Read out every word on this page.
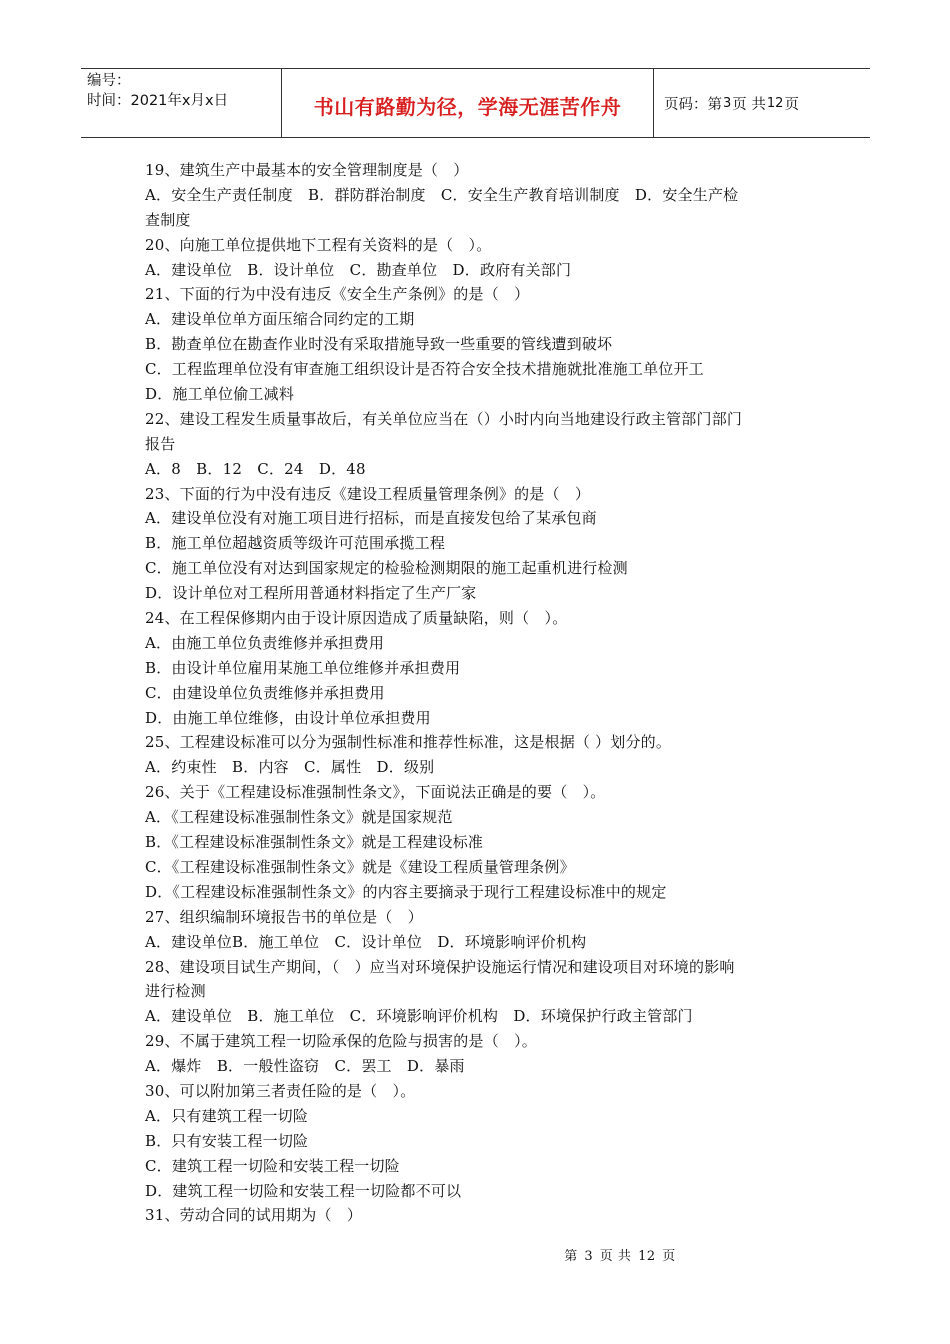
编号：
时间：2021年x月x日	书山有路勤为径，学海无涯苦作舟	页码：第 3 页 共 12 页
19、建筑生产中最基本的安全管理制度是（　）
A．安全生产责任制度　B．群防群治制度　C．安全生产教育培训制度　D．安全生产检
查制度
20、向施工单位提供地下工程有关资料的是（　）。
A．建设单位　B．设计单位　C．勘查单位　D．政府有关部门
21、下面的行为中没有违反《安全生产条例》的是（　）
A．建设单位单方面压缩合同约定的工期
B．勘查单位在勘查作业时没有采取措施导致一些重要的管线遭到破坏
C．工程监理单位没有审查施工组织设计是否符合安全技术措施就批准施工单位开工
D．施工单位偷工减料
22、建设工程发生质量事故后，有关单位应当在（）小时内向当地建设行政主管部门部门
报告
A．8　B．12　C．24　D．48
23、下面的行为中没有违反《建设工程质量管理条例》的是（　）
A．建设单位没有对施工项目进行招标，而是直接发包给了某承包商
B．施工单位超越资质等级许可范围承揽工程
C．施工单位没有对达到国家规定的检验检测期限的施工起重机进行检测
D．设计单位对工程所用普通材料指定了生产厂家
24、在工程保修期内由于设计原因造成了质量缺陷，则（　）。
A．由施工单位负责维修并承担费用
B．由设计单位雇用某施工单位维修并承担费用
C．由建设单位负责维修并承担费用
D．由施工单位维修，由设计单位承担费用
25、工程建设标准可以分为强制性标准和推荐性标准，这是根据（ ）划分的。
A．约束性　B．内容　C．属性　D．级别
26、关于《工程建设标准强制性条文》，下面说法正确是的要（　）。
A．《工程建设标准强制性条文》就是国家规范
B．《工程建设标准强制性条文》就是工程建设标准
C．《工程建设标准强制性条文》就是《建设工程质量管理条例》
D．《工程建设标准强制性条文》的内容主要摘录于现行工程建设标准中的规定
27、组织编制环境报告书的单位是（　）
A．建设单位B．施工单位　C．设计单位　D．环境影响评价机构
28、建设项目试生产期间，（　）应当对环境保护设施运行情况和建设项目对环境的影响
进行检测
A．建设单位　B．施工单位　C．环境影响评价机构　D．环境保护行政主管部门
29、不属于建筑工程一切险承保的危险与损害的是（　）。
A．爆炸　B．一般性盗窃　C．罢工　D．暴雨
30、可以附加第三者责任险的是（　）。
A．只有建筑工程一切险
B．只有安装工程一切险
C．建筑工程一切险和安装工程一切险
D．建筑工程一切险和安装工程一切险都不可以
31、劳动合同的试用期为（　）
第 3 页 共 12 页
